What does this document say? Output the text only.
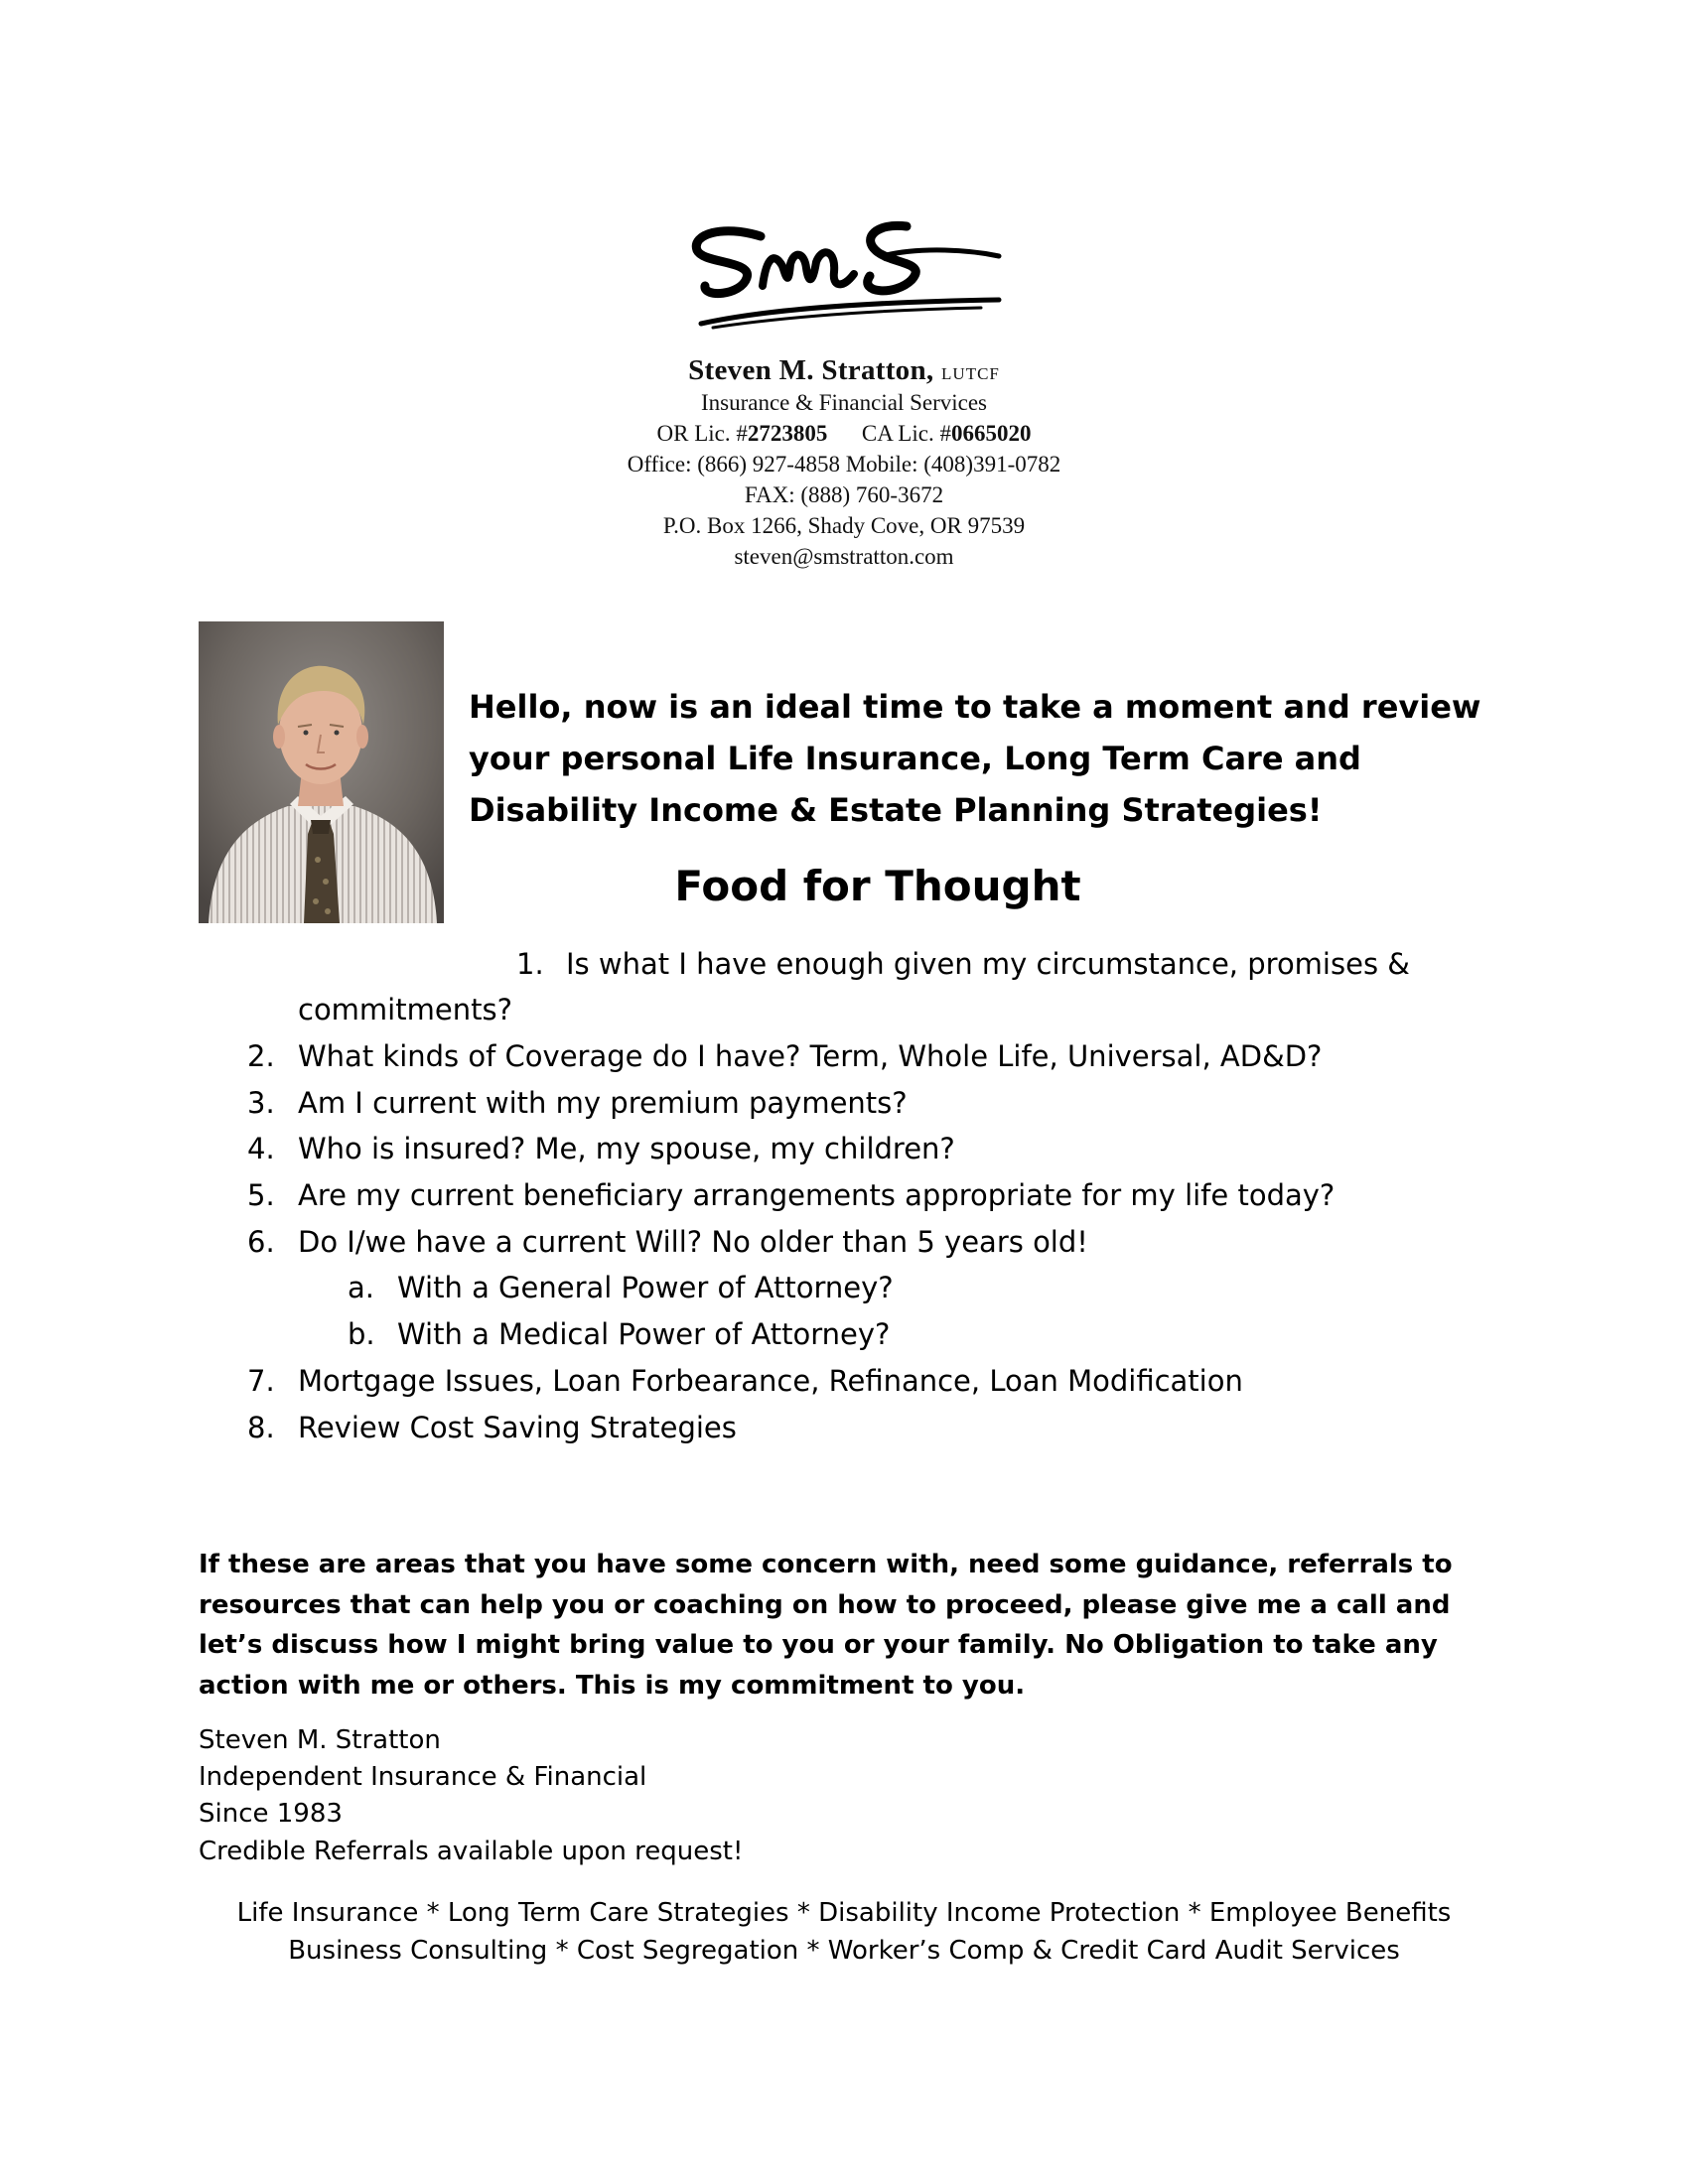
Steven M. Stratton, LUTCF
Insurance & Financial Services
OR Lic. #2723805 CA Lic. #0665020
Office: (866) 927-4858 Mobile: (408)391-0782
FAX: (888) 760-3672
P.O. Box 1266, Shady Cove, OR 97539
steven@smstratton.com

Hello, now is an ideal time to take a moment and review your personal Life Insurance, Long Term Care and Disability Income & Estate Planning Strategies!

Food for Thought
1. Is what I have enough given my circumstance, promises &
commitments?
2. What kinds of Coverage do I have? Term, Whole Life, Universal, AD&D?
3. Am I current with my premium payments?
4. Who is insured? Me, my spouse, my children?
5. Are my current beneficiary arrangements appropriate for my life today?
6. Do I/we have a current Will? No older than 5 years old!
a. With a General Power of Attorney?
b. With a Medical Power of Attorney?
7. Mortgage Issues, Loan Forbearance, Refinance, Loan Modification
8. Review Cost Saving Strategies

If these are areas that you have some concern with, need some guidance, referrals to resources that can help you or coaching on how to proceed, please give me a call and let’s discuss how I might bring value to you or your family. No Obligation to take any action with me or others. This is my commitment to you.

Steven M. Stratton
Independent Insurance & Financial
Since 1983
Credible Referrals available upon request!
Life Insurance * Long Term Care Strategies * Disability Income Protection * Employee Benefits
Business Consulting * Cost Segregation * Worker’s Comp & Credit Card Audit Services
